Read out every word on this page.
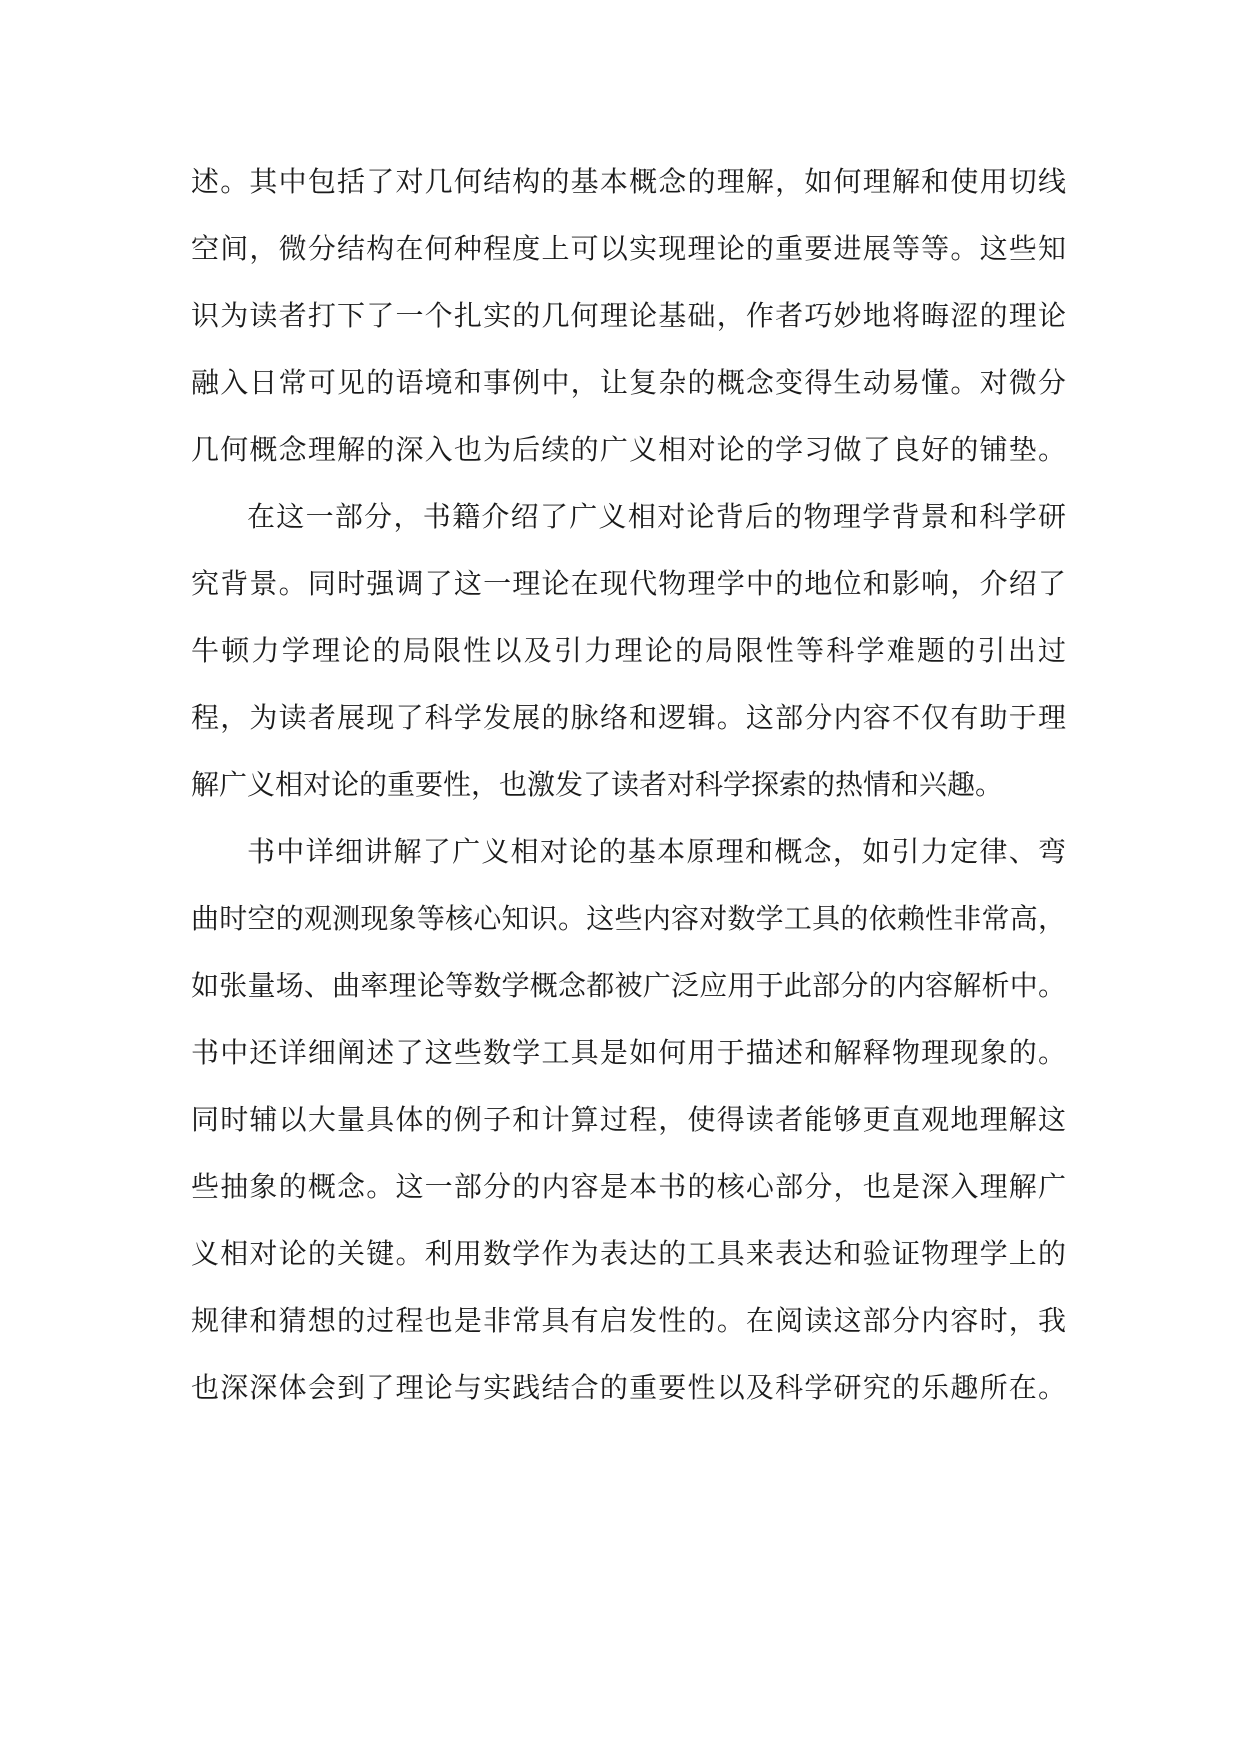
述。其中包括了对几何结构的基本概念的理解，如何理解和使用切线
空间，微分结构在何种程度上可以实现理论的重要进展等等。这些知
识为读者打下了一个扎实的几何理论基础，作者巧妙地将晦涩的理论
融入日常可见的语境和事例中，让复杂的概念变得生动易懂。对微分
几何概念理解的深入也为后续的广义相对论的学习做了良好的铺垫。
在这一部分，书籍介绍了广义相对论背后的物理学背景和科学研
究背景。同时强调了这一理论在现代物理学中的地位和影响，介绍了
牛顿力学理论的局限性以及引力理论的局限性等科学难题的引出过
程，为读者展现了科学发展的脉络和逻辑。这部分内容不仅有助于理
解广义相对论的重要性，也激发了读者对科学探索的热情和兴趣。
书中详细讲解了广义相对论的基本原理和概念，如引力定律、弯
曲时空的观测现象等核心知识。这些内容对数学工具的依赖性非常高，
如张量场、曲率理论等数学概念都被广泛应用于此部分的内容解析中。
书中还详细阐述了这些数学工具是如何用于描述和解释物理现象的。
同时辅以大量具体的例子和计算过程，使得读者能够更直观地理解这
些抽象的概念。这一部分的内容是本书的核心部分，也是深入理解广
义相对论的关键。利用数学作为表达的工具来表达和验证物理学上的
规律和猜想的过程也是非常具有启发性的。在阅读这部分内容时，我
也深深体会到了理论与实践结合的重要性以及科学研究的乐趣所在。
